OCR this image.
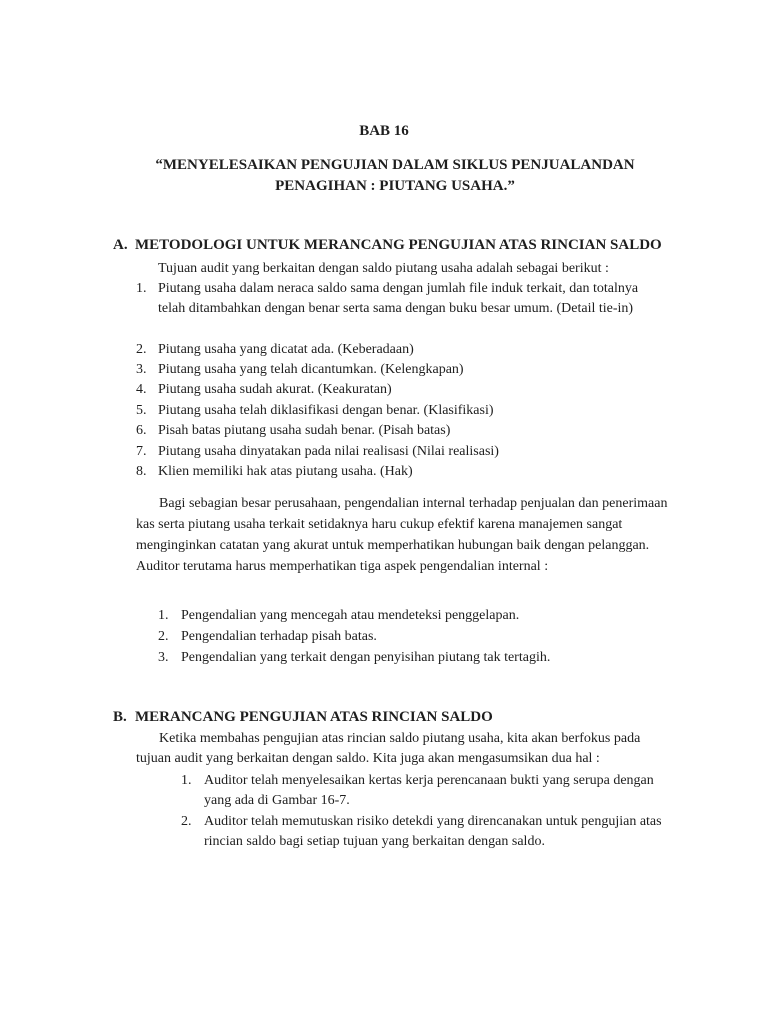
BAB 16
“MENYELESAIKAN PENGUJIAN DALAM SIKLUS PENJUALANDAN PENAGIHAN : PIUTANG USAHA.”
A. METODOLOGI UNTUK MERANCANG PENGUJIAN ATAS RINCIAN SALDO
Tujuan audit yang berkaitan dengan saldo piutang usaha adalah sebagai berikut :
1. Piutang usaha dalam neraca saldo sama dengan jumlah file induk terkait, dan totalnya telah ditambahkan dengan benar serta sama dengan buku besar umum. (Detail tie-in)
2. Piutang usaha yang dicatat ada. (Keberadaan)
3. Piutang usaha yang telah dicantumkan. (Kelengkapan)
4. Piutang usaha sudah akurat. (Keakuratan)
5. Piutang usaha telah diklasifikasi dengan benar. (Klasifikasi)
6. Pisah batas piutang usaha sudah benar. (Pisah batas)
7. Piutang usaha dinyatakan pada nilai realisasi (Nilai realisasi)
8. Klien memiliki hak atas piutang usaha. (Hak)
Bagi sebagian besar perusahaan, pengendalian internal terhadap penjualan dan penerimaan kas serta piutang usaha terkait setidaknya haru cukup efektif karena manajemen sangat menginginkan catatan yang akurat untuk memperhatikan hubungan baik dengan pelanggan. Auditor terutama harus memperhatikan tiga aspek pengendalian internal :
1. Pengendalian yang mencegah atau mendeteksi penggelapan.
2. Pengendalian terhadap pisah batas.
3. Pengendalian yang terkait dengan penyisihan piutang tak tertagih.
B. MERANCANG PENGUJIAN ATAS RINCIAN SALDO
Ketika membahas pengujian atas rincian saldo piutang usaha, kita akan berfokus pada tujuan audit yang berkaitan dengan saldo. Kita juga akan mengasumsikan dua hal :
1. Auditor telah menyelesaikan kertas kerja perencanaan bukti yang serupa dengan yang ada di Gambar 16-7.
2. Auditor telah memutuskan risiko detekdi yang direncanakan untuk pengujian atas rincian saldo bagi setiap tujuan yang berkaitan dengan saldo.
